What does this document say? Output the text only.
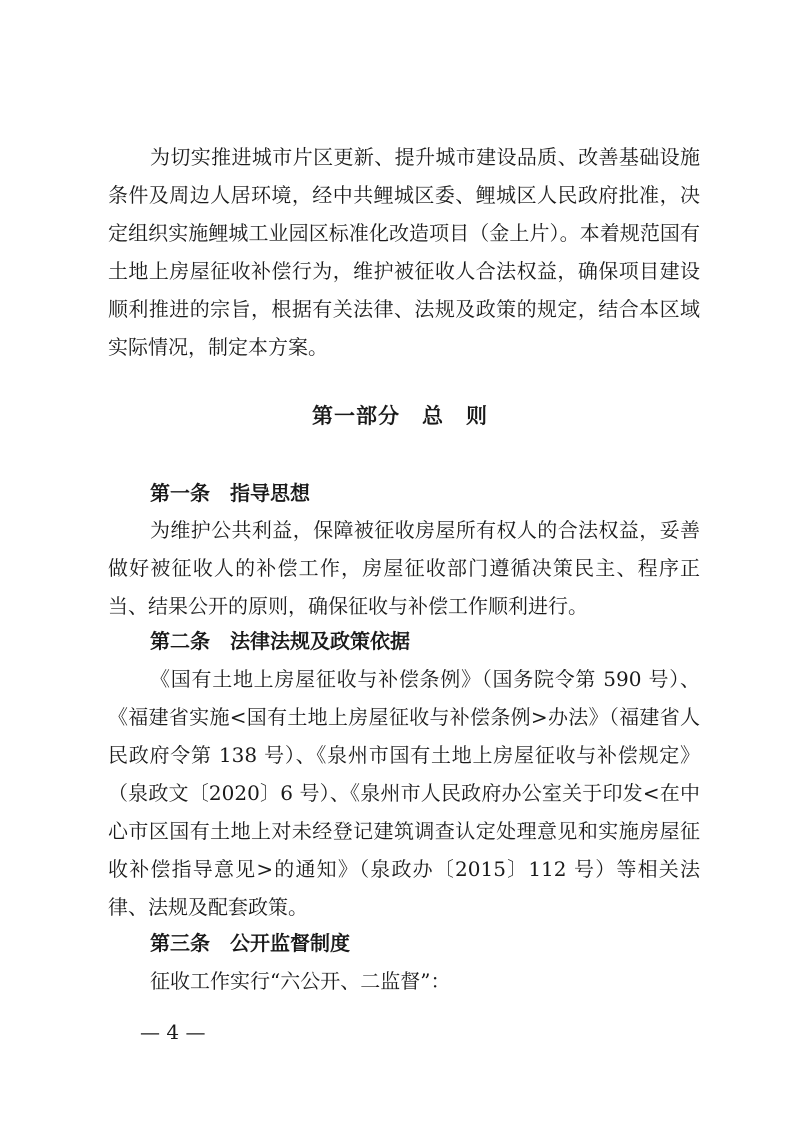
为切实推进城市片区更新、提升城市建设品质、改善基础设施条件及周边人居环境，经中共鲤城区委、鲤城区人民政府批准，决定组织实施鲤城工业园区标准化改造项目（金上片）。本着规范国有土地上房屋征收补偿行为，维护被征收人合法权益，确保项目建设顺利推进的宗旨，根据有关法律、法规及政策的规定，结合本区域实际情况，制定本方案。

第一部分　总　则
第一条　指导思想

为维护公共利益，保障被征收房屋所有权人的合法权益，妥善做好被征收人的补偿工作，房屋征收部门遵循决策民主、程序正当、结果公开的原则，确保征收与补偿工作顺利进行。

第二条　法律法规及政策依据

《国有土地上房屋征收与补偿条例》（国务院令第 590 号）、《福建省实施<国有土地上房屋征收与补偿条例>办法》（福建省人民政府令第 138 号）、《泉州市国有土地上房屋征收与补偿规定》（泉政文〔2020〕6 号）、《泉州市人民政府办公室关于印发<在中心市区国有土地上对未经登记建筑调查认定处理意见和实施房屋征收补偿指导意见>的通知》（泉政办〔2015〕112 号）等相关法律、法规及配套政策。

第三条　公开监督制度

征收工作实行“六公开、二监督”：

— 4 —
